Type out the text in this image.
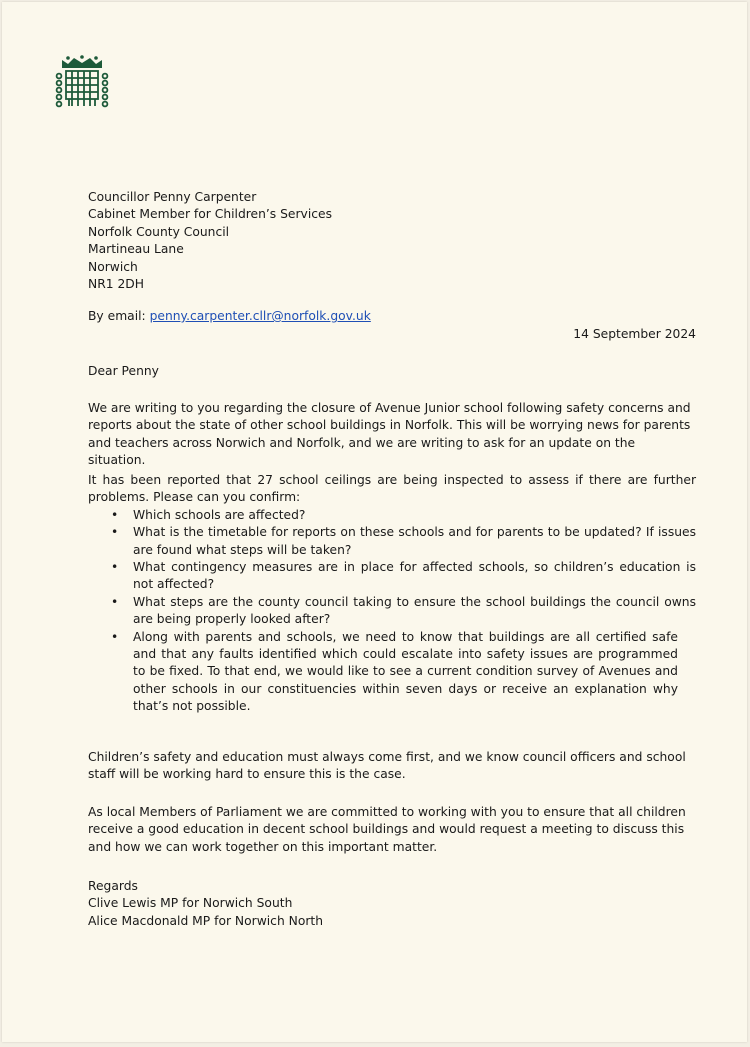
Councillor Penny Carpenter
Cabinet Member for Children’s Services
Norfolk County Council
Martineau Lane
Norwich
NR1 2DH
By email: penny.carpenter.cllr@norfolk.gov.uk
14 September 2024
Dear Penny
We are writing to you regarding the closure of Avenue Junior school following safety concerns and reports about the state of other school buildings in Norfolk. This will be worrying news for parents and teachers across Norwich and Norfolk, and we are writing to ask for an update on the situation.

It has been reported that 27 school ceilings are being inspected to assess if there are further problems. Please can you confirm:

• Which schools are affected?
• What is the timetable for reports on these schools and for parents to be updated? If issues are found what steps will be taken?
• What contingency measures are in place for affected schools, so children’s education is not affected?
• What steps are the county council taking to ensure the school buildings the council owns are being properly looked after?
• Along with parents and schools, we need to know that buildings are all certified safe and that any faults identified which could escalate into safety issues are programmed to be fixed. To that end, we would like to see a current condition survey of Avenues and other schools in our constituencies within seven days or receive an explanation why that’s not possible.
Children’s safety and education must always come first, and we know council officers and school staff will be working hard to ensure this is the case.
As local Members of Parliament we are committed to working with you to ensure that all children receive a good education in decent school buildings and would request a meeting to discuss this and how we can work together on this important matter.
Regards
Clive Lewis MP for Norwich South
Alice Macdonald MP for Norwich North
